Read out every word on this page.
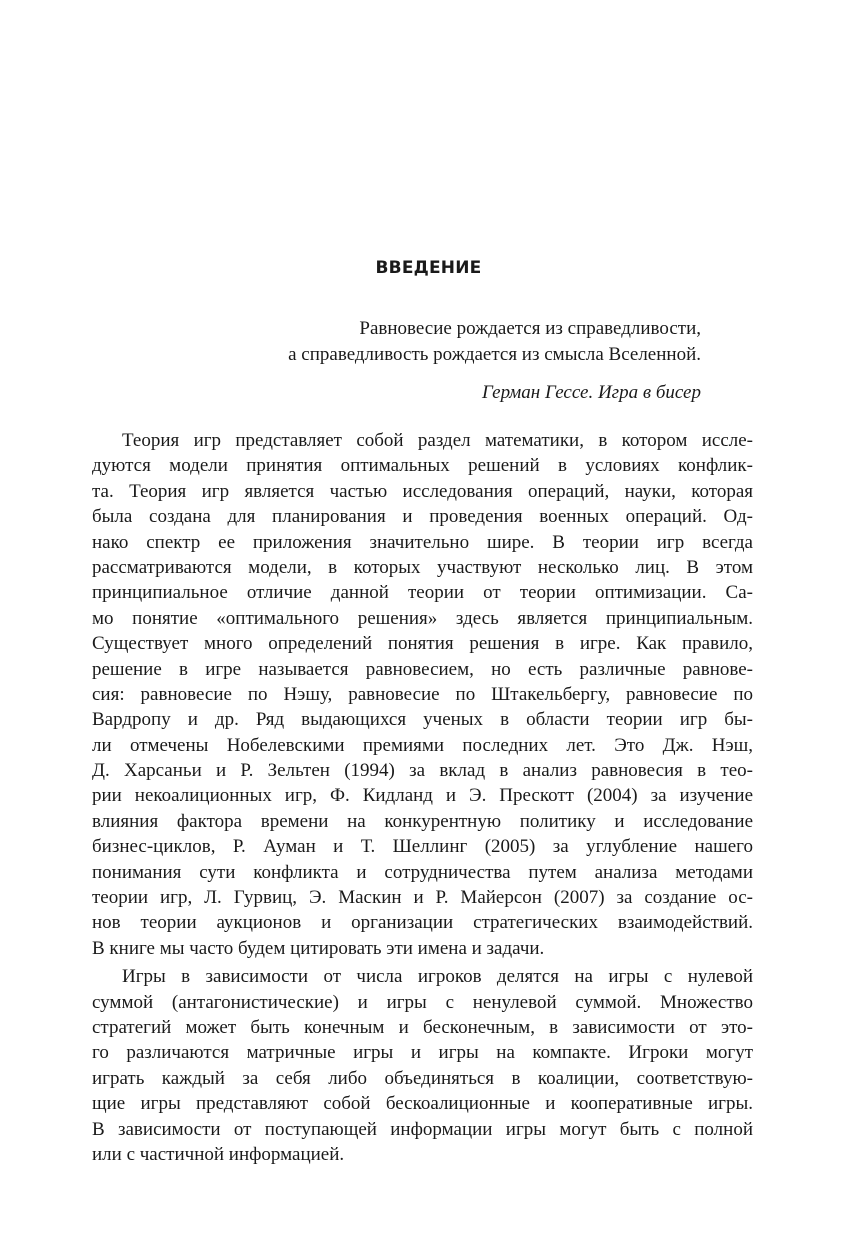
ВВЕДЕНИЕ
Равновесие рождается из справедливости,
а справедливость рождается из смысла Вселенной.
Герман Гессе. Игра в бисер
Теория игр представляет собой раздел математики, в котором иссле-
дуются модели принятия оптимальных решений в условиях конфлик-
та. Теория игр является частью исследования операций, науки, которая
была создана для планирования и проведения военных операций. Од-
нако спектр ее приложения значительно шире. В теории игр всегда
рассматриваются модели, в которых участвуют несколько лиц. В этом
принципиальное отличие данной теории от теории оптимизации. Са-
мо понятие «оптимального решения» здесь является принципиальным.
Существует много определений понятия решения в игре. Как правило,
решение в игре называется равновесием, но есть различные равнове-
сия: равновесие по Нэшу, равновесие по Штакельбергу, равновесие по
Вардропу и др. Ряд выдающихся ученых в области теории игр бы-
ли отмечены Нобелевскими премиями последних лет. Это Дж. Нэш,
Д. Харсаньи и Р. Зельтен (1994) за вклад в анализ равновесия в тео-
рии некоалиционных игр, Ф. Кидланд и Э. Прескотт (2004) за изучение
влияния фактора времени на конкурентную политику и исследование
бизнес-циклов, Р. Ауман и Т. Шеллинг (2005) за углубление нашего
понимания сути конфликта и сотрудничества путем анализа методами
теории игр, Л. Гурвиц, Э. Маскин и Р. Майерсон (2007) за создание ос-
нов теории аукционов и организации стратегических взаимодействий.
В книге мы часто будем цитировать эти имена и задачи.
Игры в зависимости от числа игроков делятся на игры с нулевой
суммой (антагонистические) и игры с ненулевой суммой. Множество
стратегий может быть конечным и бесконечным, в зависимости от это-
го различаются матричные игры и игры на компакте. Игроки могут
играть каждый за себя либо объединяться в коалиции, соответствую-
щие игры представляют собой бескоалиционные и кооперативные игры.
В зависимости от поступающей информации игры могут быть с полной
или с частичной информацией.
